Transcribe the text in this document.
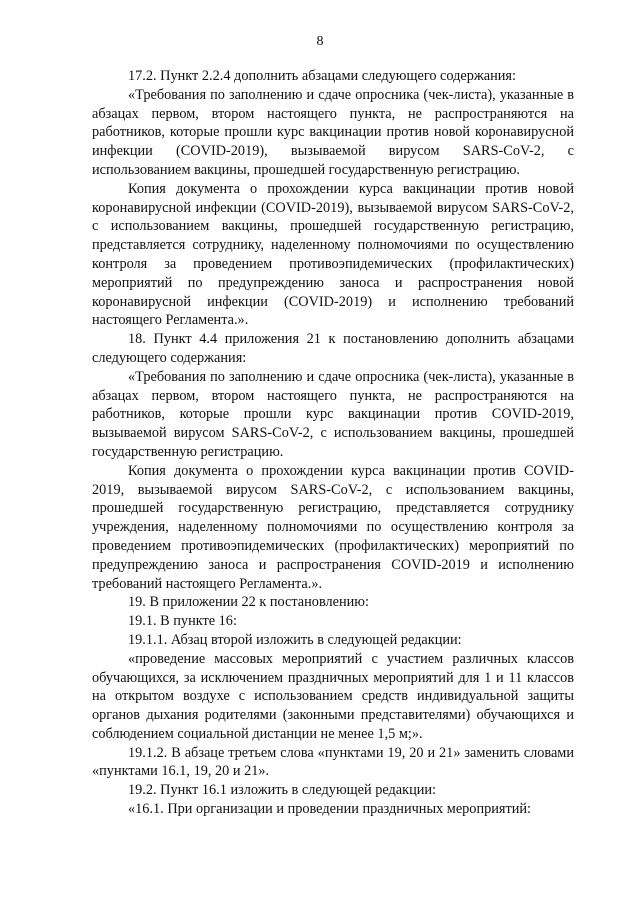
8

17.2. Пункт 2.2.4 дополнить абзацами следующего содержания:

«Требования по заполнению и сдаче опросника (чек-листа), указанные в абзацах первом, втором настоящего пункта, не распространяются на работников, которые прошли курс вакцинации против новой коронавирусной инфекции (COVID-2019), вызываемой вирусом SARS-CoV-2, с использованием вакцины, прошедшей государственную регистрацию.

Копия документа о прохождении курса вакцинации против новой коронавирусной инфекции (COVID-2019), вызываемой вирусом SARS-CoV-2, с использованием вакцины, прошедшей государственную регистрацию, представляется сотруднику, наделенному полномочиями по осуществлению контроля за проведением противоэпидемических (профилактических) мероприятий по предупреждению заноса и распространения новой коронавирусной инфекции (COVID-2019) и исполнению требований настоящего Регламента.».

18. Пункт 4.4 приложения 21 к постановлению дополнить абзацами следующего содержания:

«Требования по заполнению и сдаче опросника (чек-листа), указанные в абзацах первом, втором настоящего пункта, не распространяются на работников, которые прошли курс вакцинации против COVID-2019, вызываемой вирусом SARS-CoV-2, с использованием вакцины, прошедшей государственную регистрацию.

Копия документа о прохождении курса вакцинации против COVID-2019, вызываемой вирусом SARS-CoV-2, с использованием вакцины, прошедшей государственную регистрацию, представляется сотруднику учреждения, наделенному полномочиями по осуществлению контроля за проведением противоэпидемических (профилактических) мероприятий по предупреждению заноса и распространения COVID-2019 и исполнению требований настоящего Регламента.».

19. В приложении 22 к постановлению:

19.1. В пункте 16:

19.1.1. Абзац второй изложить в следующей редакции:

«проведение массовых мероприятий с участием различных классов обучающихся, за исключением праздничных мероприятий для 1 и 11 классов на открытом воздухе с использованием средств индивидуальной защиты органов дыхания родителями (законными представителями) обучающихся и соблюдением социальной дистанции не менее 1,5 м;».

19.1.2. В абзаце третьем слова «пунктами 19, 20 и 21» заменить словами «пунктами 16.1, 19, 20 и 21».

19.2. Пункт 16.1 изложить в следующей редакции:

«16.1. При организации и проведении праздничных мероприятий:
